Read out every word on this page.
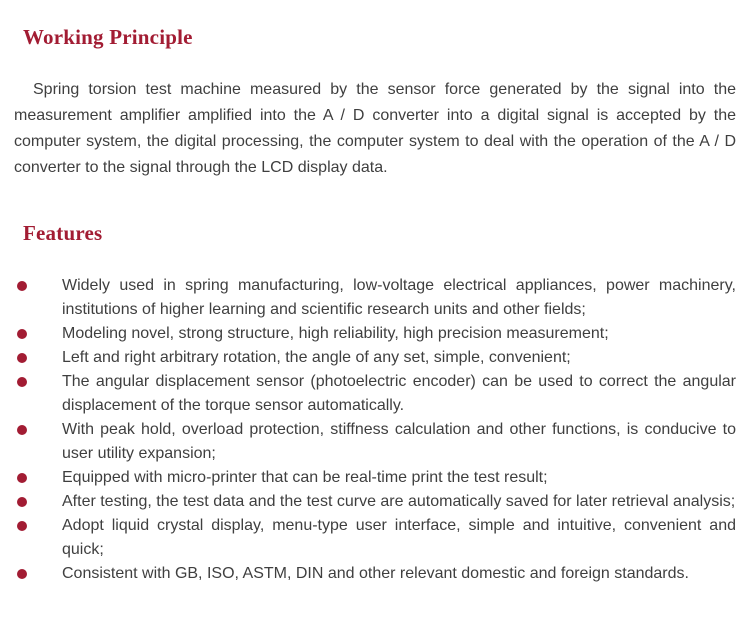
Working Principle

Spring torsion test machine measured by the sensor force generated by the signal into the measurement amplifier amplified into the A / D converter into a digital signal is accepted by the computer system, the digital processing, the computer system to deal with the operation of the A / D converter to the signal through the LCD display data.

Features
Widely used in spring manufacturing, low-voltage electrical appliances, power machinery, institutions of higher learning and scientific research units and other fields;
Modeling novel, strong structure, high reliability, high precision measurement;
Left and right arbitrary rotation, the angle of any set, simple, convenient;
The angular displacement sensor (photoelectric encoder) can be used to correct the angular displacement of the torque sensor automatically.
With peak hold, overload protection, stiffness calculation and other functions, is conducive to user utility expansion;
Equipped with micro-printer that can be real-time print the test result;
After testing, the test data and the test curve are automatically saved for later retrieval analysis;
Adopt liquid crystal display, menu-type user interface, simple and intuitive, convenient and quick;
Consistent with GB, ISO, ASTM, DIN and other relevant domestic and foreign standards.
